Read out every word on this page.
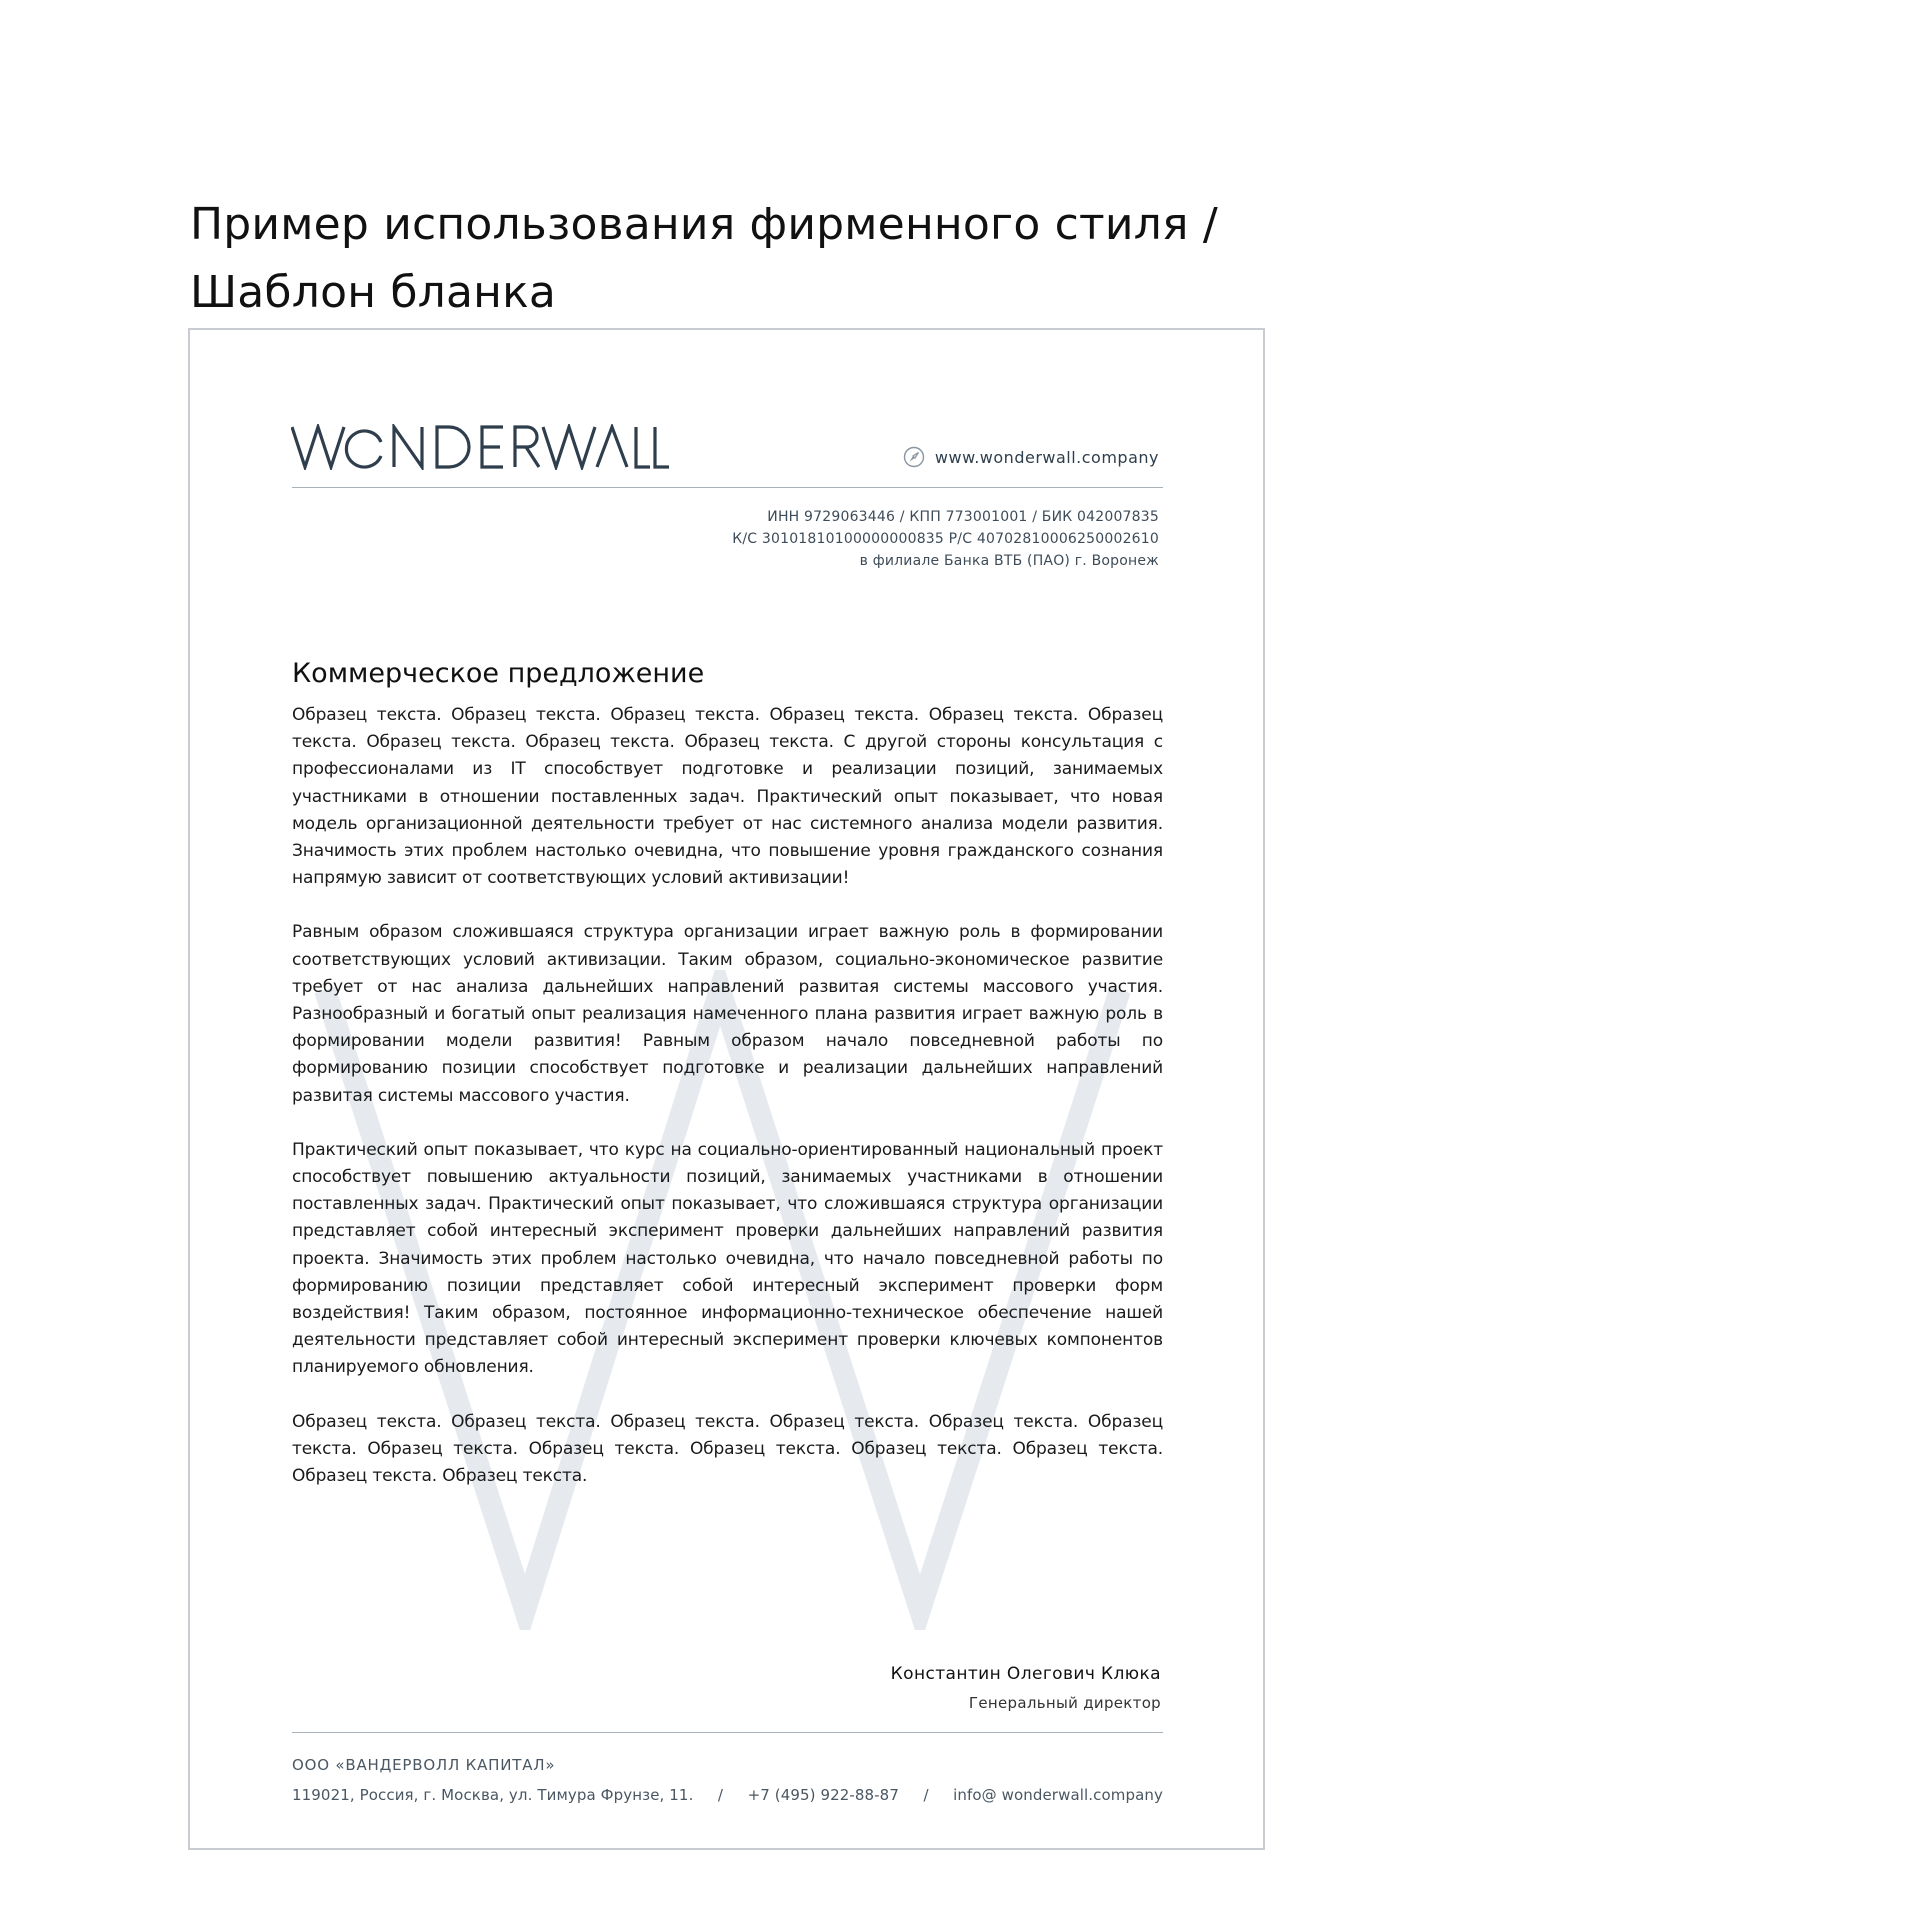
Пример использования фирменного стиля /
Шаблон бланка
www.wonderwall.company
ИНН 9729063446 / КПП 773001001 / БИК 042007835
К/С 30101810100000000835 Р/С 40702810006250002610
в филиале Банка ВТБ (ПАО) г. Воронеж
Коммерческое предложение

Образец текста. Образец текста. Образец текста. Образец текста. Образец текста. Образец текста. Образец текста. Образец текста. Образец текста. С другой стороны консультация с профессионалами из IT способствует подготовке и реализации позиций, занимаемых участниками в отношении поставленных задач. Практический опыт показывает, что новая модель организационной деятельности требует от нас системного анализа модели развития. Значимость этих проблем настолько очевидна, что повышение уровня гражданского сознания напрямую зависит от соответствующих условий активизации!

Равным образом сложившаяся структура организации играет важную роль в формировании соответствующих условий активизации. Таким образом, социально-экономическое развитие требует от нас анализа дальнейших направлений развитая системы массового участия. Разнообразный и богатый опыт реализация намеченного плана развития играет важную роль в формировании модели развития! Равным образом начало повседневной работы по формированию позиции способствует подготовке и реализации дальнейших направлений развитая системы массового участия.

Практический опыт показывает, что курс на социально-ориентированный национальный проект способствует повышению актуальности позиций, занимаемых участниками в отношении поставленных задач. Практический опыт показывает, что сложившаяся структура организации представляет собой интересный эксперимент проверки дальнейших направлений развития проекта. Значимость этих проблем настолько очевидна, что начало повседневной работы по формированию позиции представляет собой интересный эксперимент проверки форм воздействия! Таким образом, постоянное информационно-техническое обеспечение нашей деятельности представляет собой интересный эксперимент проверки ключевых компонентов планируемого обновления.

Образец текста. Образец текста. Образец текста. Образец текста. Образец текста. Образец текста. Образец текста. Образец текста. Образец текста. Образец текста. Образец текста. Образец текста. Образец текста.

Константин Олегович Клюка
Генеральный директор
ООО «ВАНДЕРВОЛЛ КАПИТАЛ»
119021, Россия, г. Москва, ул. Тимура Фрунзе, 11. / +7 (495) 922-88-87 / info@ wonderwall.company
